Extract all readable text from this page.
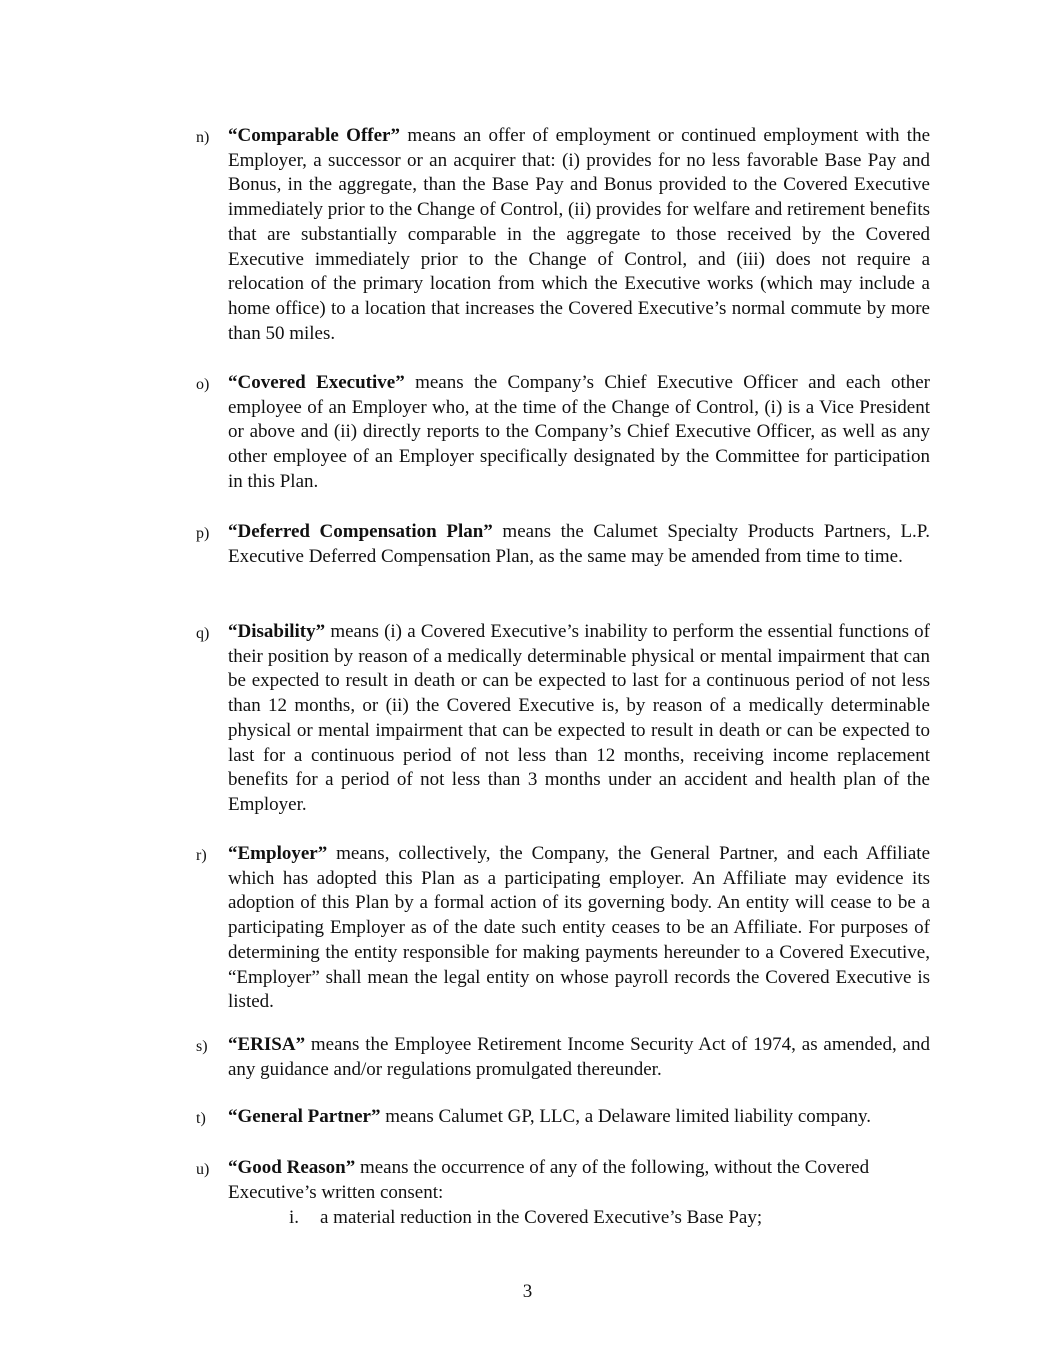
n) “Comparable Offer” means an offer of employment or continued employment with the Employer, a successor or an acquirer that: (i) provides for no less favorable Base Pay and Bonus, in the aggregate, than the Base Pay and Bonus provided to the Covered Executive immediately prior to the Change of Control, (ii) provides for welfare and retirement benefits that are substantially comparable in the aggregate to those received by the Covered Executive immediately prior to the Change of Control, and (iii) does not require a relocation of the primary location from which the Executive works (which may include a home office) to a location that increases the Covered Executive’s normal commute by more than 50 miles.
o) “Covered Executive” means the Company’s Chief Executive Officer and each other employee of an Employer who, at the time of the Change of Control, (i) is a Vice President or above and (ii) directly reports to the Company’s Chief Executive Officer, as well as any other employee of an Employer specifically designated by the Committee for participation in this Plan.
p) “Deferred Compensation Plan” means the Calumet Specialty Products Partners, L.P. Executive Deferred Compensation Plan, as the same may be amended from time to time.
q) “Disability” means (i) a Covered Executive’s inability to perform the essential functions of their position by reason of a medically determinable physical or mental impairment that can be expected to result in death or can be expected to last for a continuous period of not less than 12 months, or (ii) the Covered Executive is, by reason of a medically determinable physical or mental impairment that can be expected to result in death or can be expected to last for a continuous period of not less than 12 months, receiving income replacement benefits for a period of not less than 3 months under an accident and health plan of the Employer.
r) “Employer” means, collectively, the Company, the General Partner, and each Affiliate which has adopted this Plan as a participating employer. An Affiliate may evidence its adoption of this Plan by a formal action of its governing body. An entity will cease to be a participating Employer as of the date such entity ceases to be an Affiliate. For purposes of determining the entity responsible for making payments hereunder to a Covered Executive, “Employer” shall mean the legal entity on whose payroll records the Covered Executive is listed.
s) “ERISA” means the Employee Retirement Income Security Act of 1974, as amended, and any guidance and/or regulations promulgated thereunder.
t) “General Partner” means Calumet GP, LLC, a Delaware limited liability company.
u) “Good Reason” means the occurrence of any of the following, without the Covered Executive’s written consent:
i. a material reduction in the Covered Executive’s Base Pay;
3
